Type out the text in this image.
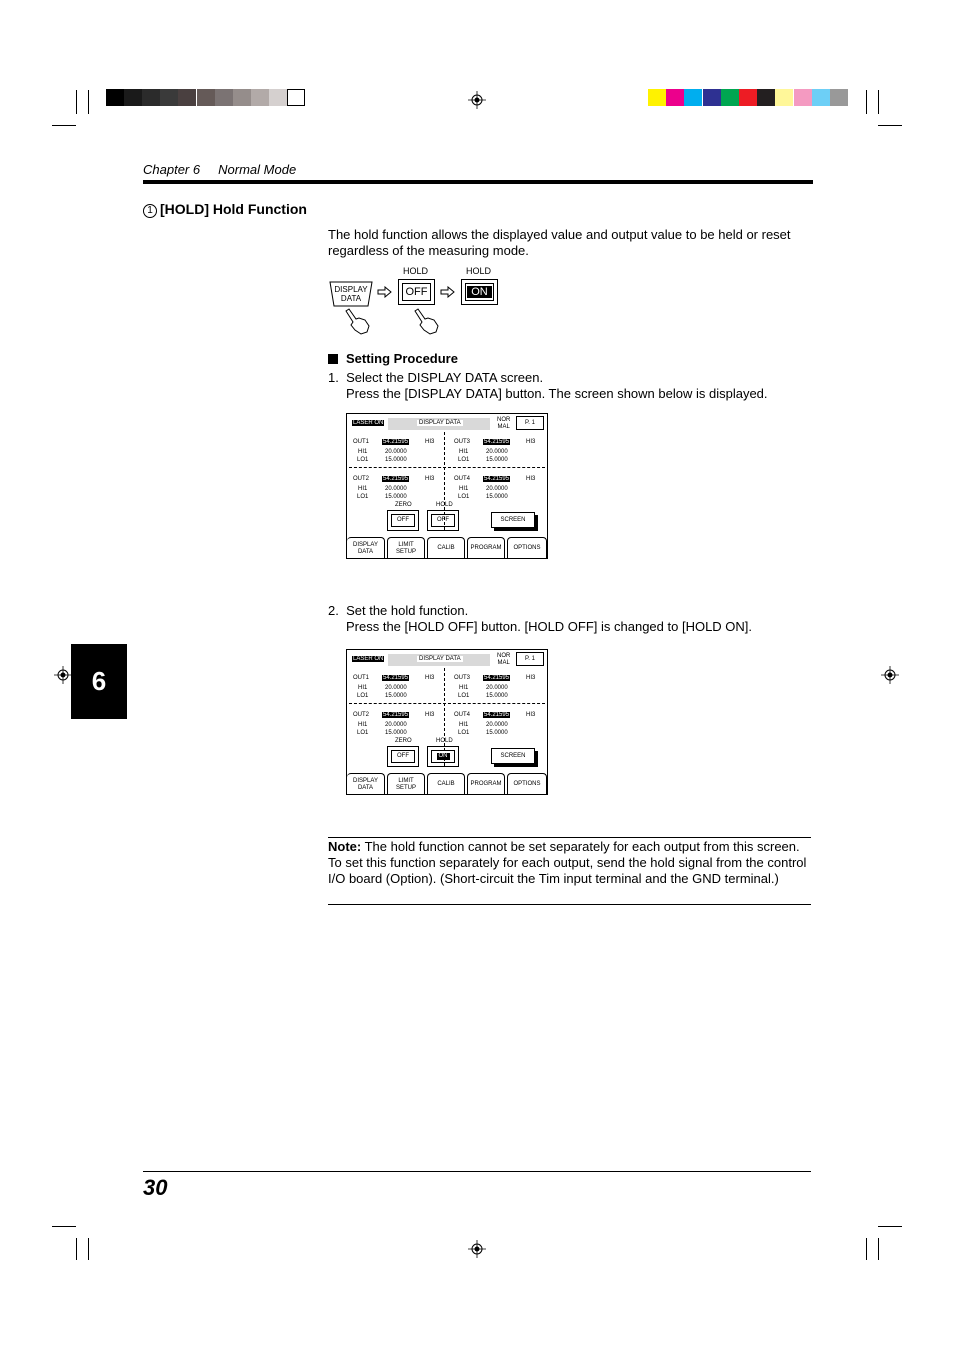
Chapter 6 Normal Mode
1 [HOLD] Hold Function
The hold function allows the displayed value and output value to be held or reset regardless of the measuring mode.
DISPLAY
DATA
HOLD
OFF
HOLD
ON
Setting Procedure
1. Select the DISPLAY DATA screen.
Press the [DISPLAY DATA] button. The screen shown below is displayed.
LASER ON	DISPLAY DATA	NOR
MAL
P. 1
OUT1 54.21595	HI3
HI1	20.0000
LO1	15.0000
OUT3 54.21595	HI3
HI1	20.0000
LO1	15.0000
OUT2 54.21595	HI3
HI1	20.0000
LO1	15.0000
OUT4 54.21595	HI3
HI1	20.0000
LO1	15.0000
ZERO	HOLD
OFF	OFF	SCREEN
DISPLAY
DATA
LIMIT
SETUP
CALIB	PROGRAM OPTIONS
2. Set the hold function.
Press the [HOLD OFF] button. [HOLD OFF] is changed to [HOLD ON].
LASER ON	DISPLAY DATA	NOR
MAL
P. 1
OUT1 54.21595	HI3
HI1	20.0000
LO1	15.0000
OUT3 54.21595	HI3
HI1	20.0000
LO1	15.0000
OUT2 54.21595	HI3
HI1	20.0000
LO1	15.0000
OUT4 54.21595	HI3
HI1	20.0000
LO1	15.0000
ZERO	HOLD
OFF	ON	SCREEN
DISPLAY
DATA
LIMIT
SETUP
CALIB	PROGRAM OPTIONS
Note: The hold function cannot be set separately for each output from this screen. To set this function separately for each output, send the hold signal from the control I/O board (Option). (Short-circuit the Tim input terminal and the GND terminal.)
6
30
